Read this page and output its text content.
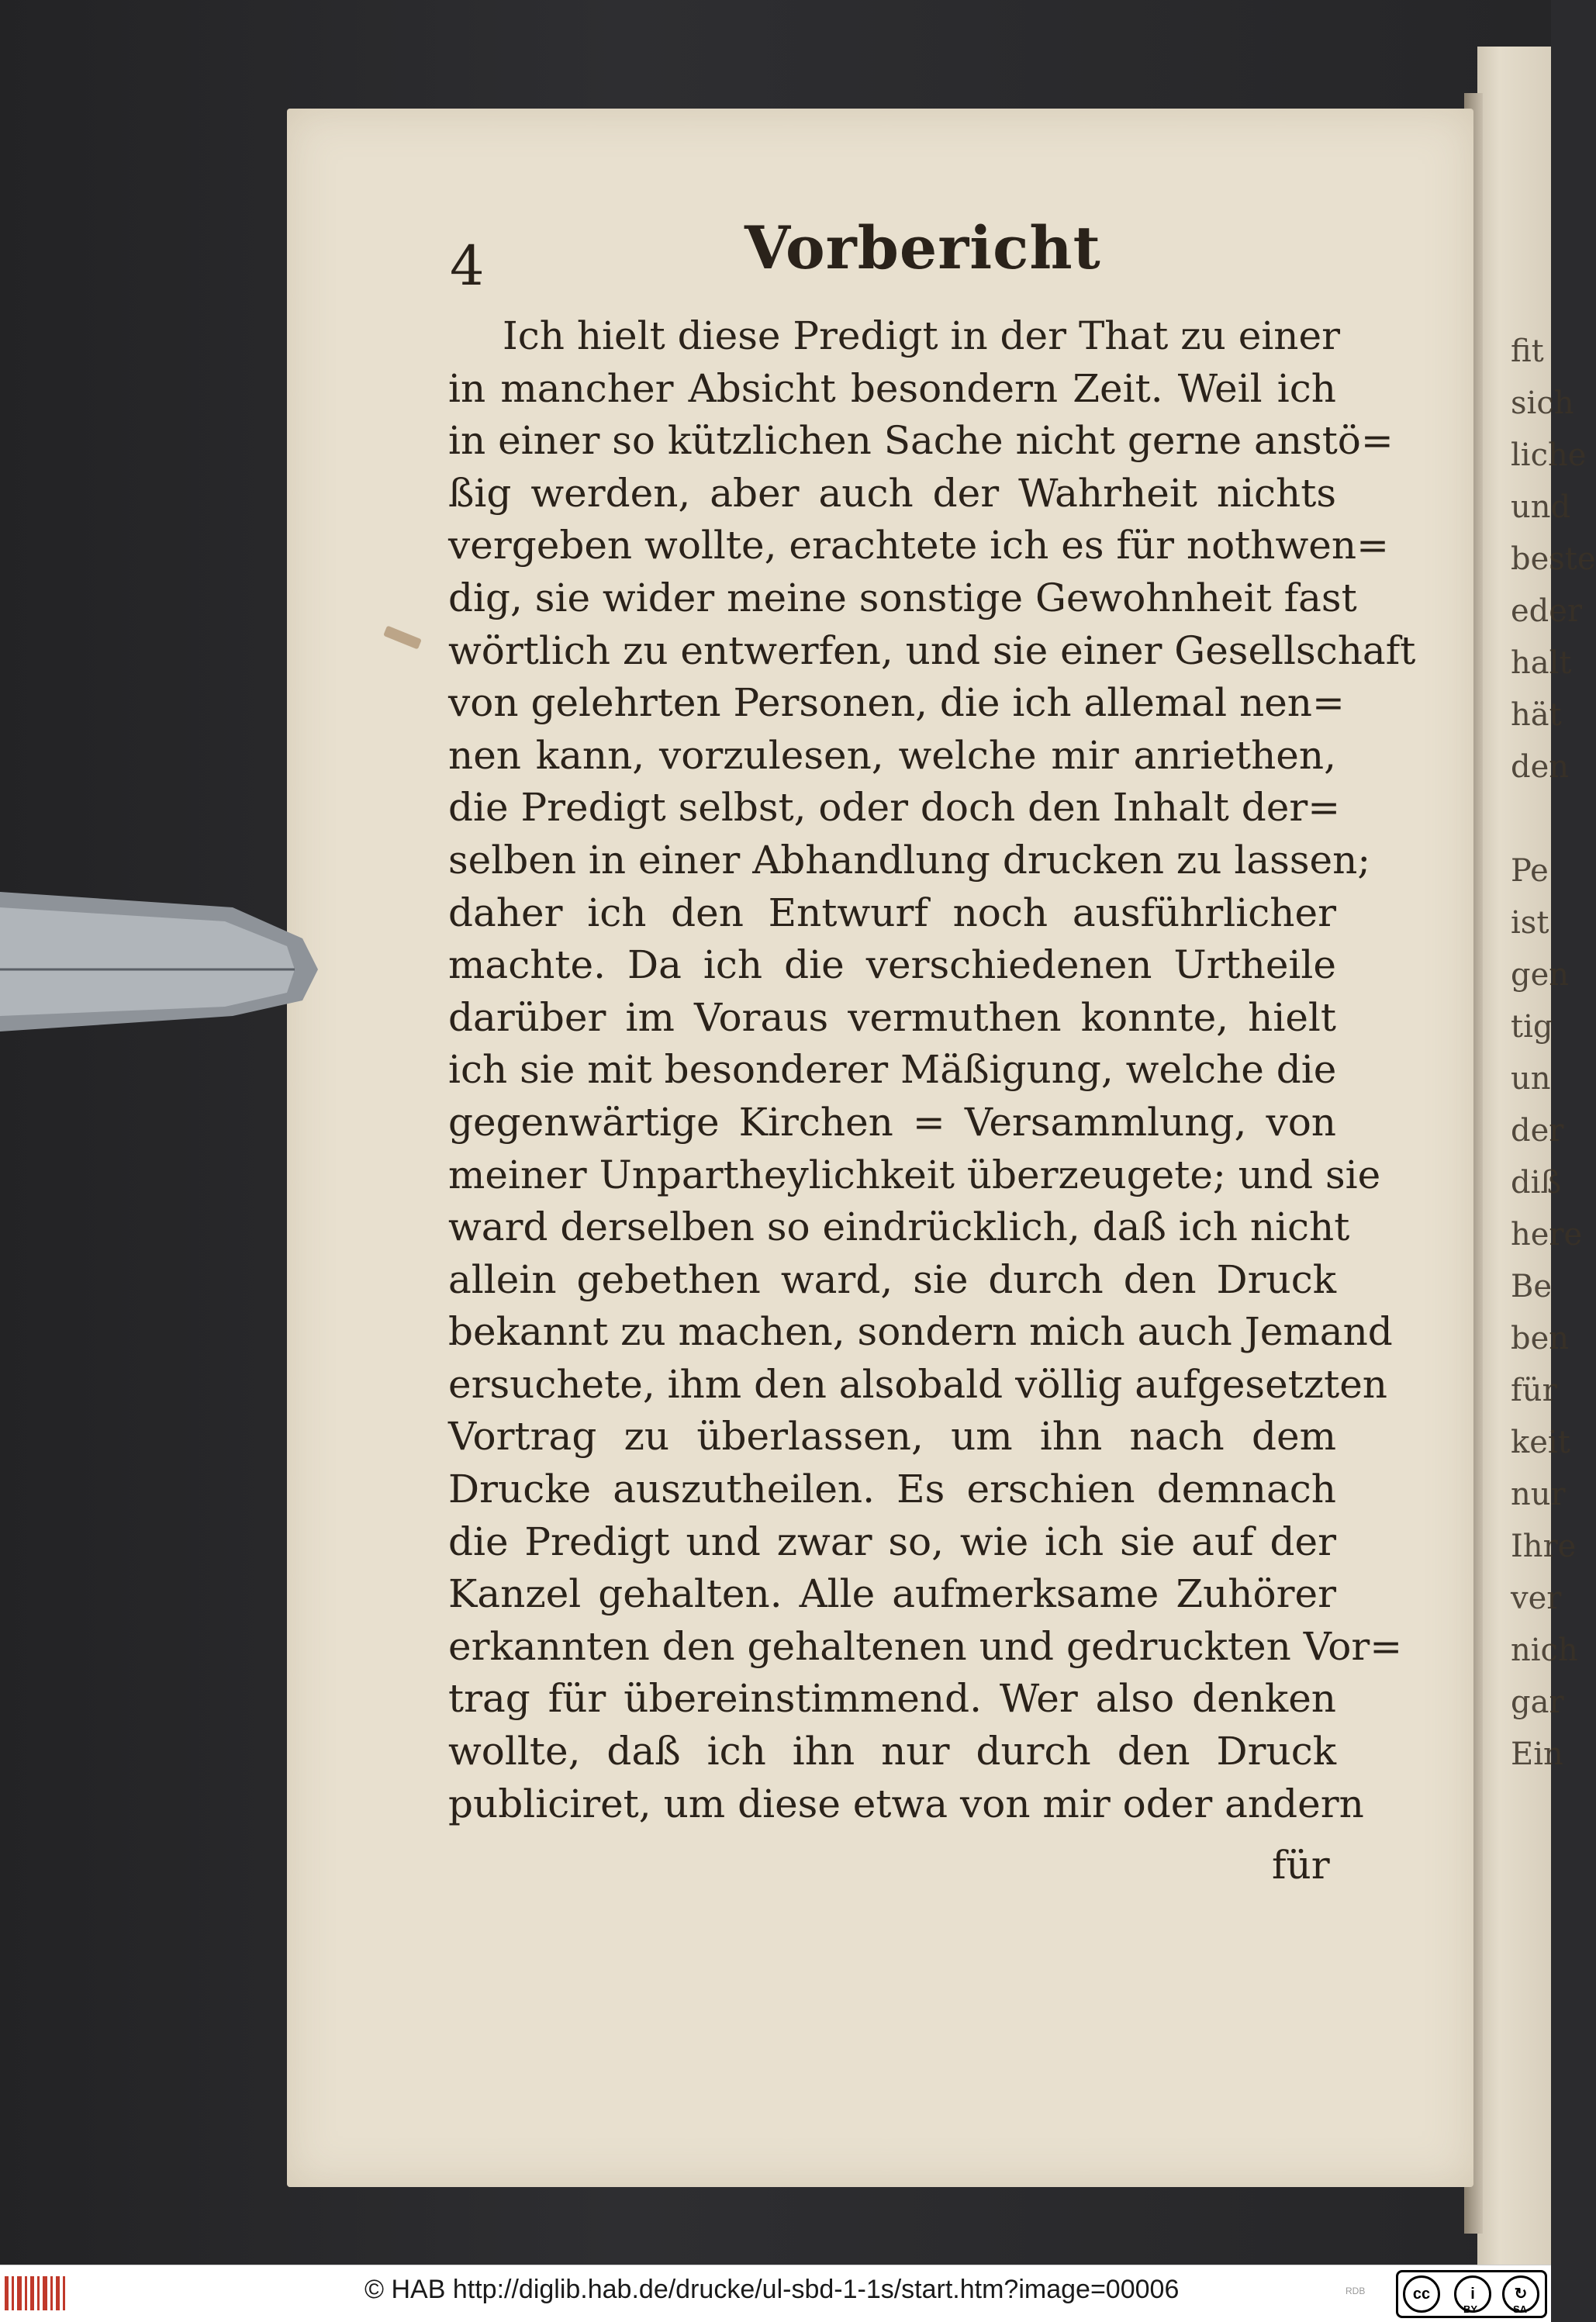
fit
sich
liche
und
beste
eder
halt
hät
den

Pe
ist
gen
tig
un
der
diß
here
Be
ben
für
keit
nur
Ihre
ver
nich
gar
Ein
4	Vorbericht
Ich hielt diese Predigt in der That zu einer
in mancher Absicht besondern Zeit. Weil ich
in einer so kützlichen Sache nicht gerne anstö=
ßig werden, aber auch der Wahrheit nichts
vergeben wollte, erachtete ich es für nothwen=
dig, sie wider meine sonstige Gewohnheit fast
wörtlich zu entwerfen, und sie einer Gesellschaft
von gelehrten Personen, die ich allemal nen=
nen kann, vorzulesen, welche mir anriethen,
die Predigt selbst, oder doch den Inhalt der=
selben in einer Abhandlung drucken zu lassen;
daher ich den Entwurf noch ausführlicher
machte. Da ich die verschiedenen Urtheile
darüber im Voraus vermuthen konnte, hielt
ich sie mit besonderer Mäßigung, welche die
gegenwärtige Kirchen = Versammlung, von
meiner Unpartheylichkeit überzeugete; und sie
ward derselben so eindrücklich, daß ich nicht
allein gebethen ward, sie durch den Druck
bekannt zu machen, sondern mich auch Jemand
ersuchete, ihm den alsobald völlig aufgesetzten
Vortrag zu überlassen, um ihn nach dem
Drucke auszutheilen. Es erschien demnach
die Predigt und zwar so, wie ich sie auf der
Kanzel gehalten. Alle aufmerksame Zuhörer
erkannten den gehaltenen und gedruckten Vor=
trag für übereinstimmend. Wer also denken
wollte, daß ich ihn nur durch den Druck
publiciret, um diese etwa von mir oder andern
für
© HAB http://diglib.hab.de/drucke/ul-sbd-1-1s/start.htm?image=00006	RDB	cc	i	↻
BY	SA
